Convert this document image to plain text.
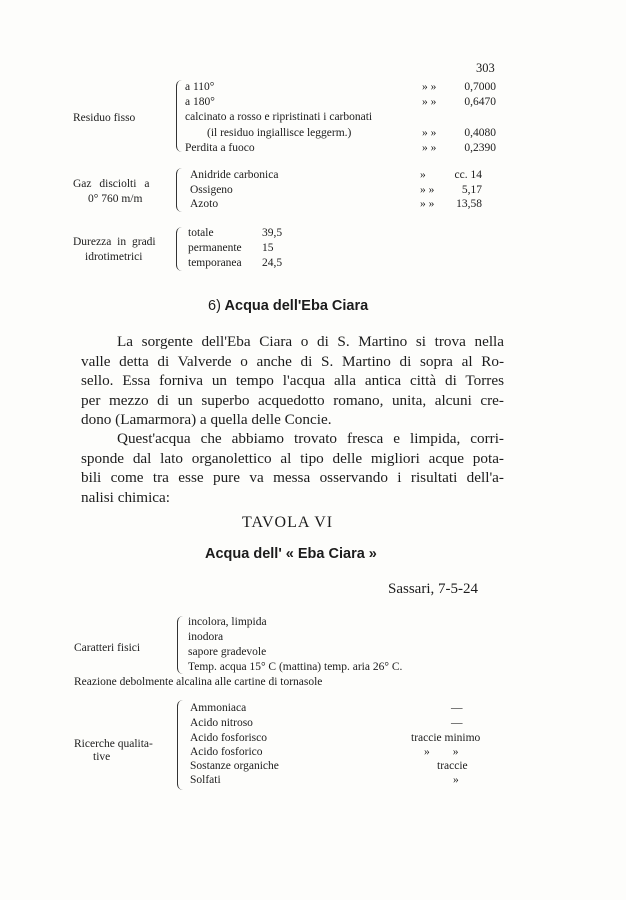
303
Residuo fisso
a 110°	» »	0,7000
a 180°	» »	0,6470
calcinato a rosso e ripristinati i carbonati
(il residuo ingiallisce leggerm.)	» »	0,4080
Perdita a fuoco	» »	0,2390
Gaz disciolti a
0° 760 m/m
Anidride carbonica	»	cc. 14
Ossigeno	» »	5,17
Azoto	» »	13,58
Durezza in gradi
idrotimetrici
totale	39,5
permanente 15
temporanea 24,5
6) Acqua dell'Eba Ciara
La sorgente dell'Eba Ciara o di S. Martino si trova nella
valle detta di Valverde o anche di S. Martino di sopra al Ro-
sello. Essa forniva un tempo l'acqua alla antica città di Torres
per mezzo di un superbo acquedotto romano, unita, alcuni cre-
dono (Lamarmora) a quella delle Concie.
Quest'acqua che abbiamo trovato fresca e limpida, corri-
sponde dal lato organolettico al tipo delle migliori acque pota-
bili come tra esse pure va messa osservando i risultati dell'a-
nalisi chimica:
TAVOLA VI
Acqua dell' « Eba Ciara »
Sassari, 7-5-24
Caratteri fisici
incolora, limpida
inodora
sapore gradevole
Temp. acqua 15° C (mattina) temp. aria 26° C.
Reazione debolmente alcalina alle cartine di tornasole
Ricerche qualita-
tive
Ammoniaca	—
Acido nitroso	—
Acido fosforisco	traccie minimo
Acido fosforico	»        »
Sostanze organiche	traccie
Solfati	»
